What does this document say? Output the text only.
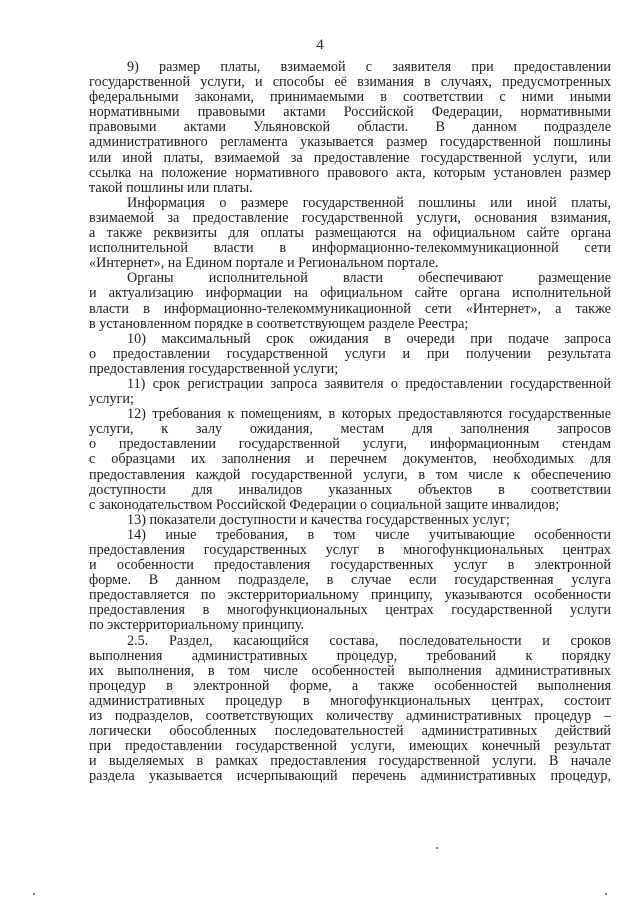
4
9) размер платы, взимаемой с заявителя при предоставлении
государственной услуги, и способы её взимания в случаях, предусмотренных
федеральными законами, принимаемыми в соответствии с ними иными
нормативными правовыми актами Российской Федерации, нормативными
правовыми актами Ульяновской области. В данном подразделе
административного регламента указывается размер государственной пошлины
или иной платы, взимаемой за предоставление государственной услуги, или
ссылка на положение нормативного правового акта, которым установлен размер
такой пошлины или платы.
Информация о размере государственной пошлины или иной платы,
взимаемой за предоставление государственной услуги, основания взимания,
а также реквизиты для оплаты размещаются на официальном сайте органа
исполнительной власти в информационно-телекоммуникационной сети
«Интернет», на Едином портале и Региональном портале.
Органы исполнительной власти обеспечивают размещение
и актуализацию информации на официальном сайте органа исполнительной
власти в информационно-телекоммуникационной сети «Интернет», а также
в установленном порядке в соответствующем разделе Реестра;
10) максимальный срок ожидания в очереди при подаче запроса
о предоставлении государственной услуги и при получении результата
предоставления государственной услуги;
11) срок регистрации запроса заявителя о предоставлении государственной
услуги;
12) требования к помещениям, в которых предоставляются государственные
услуги, к залу ожидания, местам для заполнения запросов
о предоставлении государственной услуги, информационным стендам
с образцами их заполнения и перечнем документов, необходимых для
предоставления каждой государственной услуги, в том числе к обеспечению
доступности для инвалидов указанных объектов в соответствии
с законодательством Российской Федерации о социальной защите инвалидов;
13) показатели доступности и качества государственных услуг;
14) иные требования, в том числе учитывающие особенности
предоставления государственных услуг в многофункциональных центрах
и особенности предоставления государственных услуг в электронной
форме. В данном подразделе, в случае если государственная услуга
предоставляется по экстерриториальному принципу, указываются особенности
предоставления в многофункциональных центрах государственной услуги
по экстерриториальному принципу.
2.5. Раздел, касающийся состава, последовательности и сроков
выполнения административных процедур, требований к порядку
их выполнения, в том числе особенностей выполнения административных
процедур в электронной форме, а также особенностей выполнения
административных процедур в многофункциональных центрах, состоит
из подразделов, соответствующих количеству административных процедур –
логически обособленных последовательностей административных действий
при предоставлении государственной услуги, имеющих конечный результат
и выделяемых в рамках предоставления государственной услуги. В начале
раздела указывается исчерпывающий перечень административных процедур,
